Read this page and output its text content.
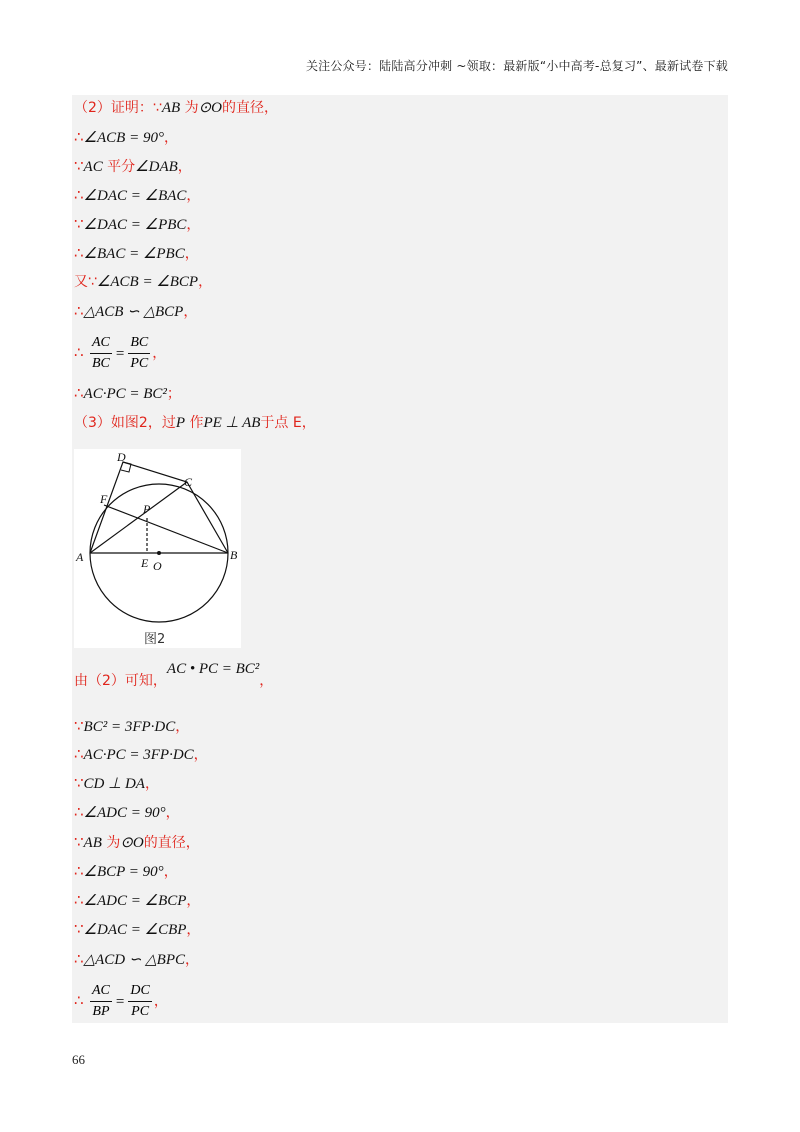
关注公众号：陆陆高分冲刺 ~领取：最新版“小中高考-总复习”、最新试卷下载
（2）证明：∵AB 为⊙O的直径，
∴∠ACB = 90°，
∵AC 平分∠DAB，
∴∠DAC = ∠BAC，
∵∠DAC = ∠PBC，
∴∠BAC = ∠PBC，
又∵∠ACB = ∠BCP，
∴△ACB ∽ △BCP，
∴ $\frac{AC}{BC} = \frac{BC}{PC}$ ，
∴AC·PC = BC²；
（3）如图2，过P 作PE ⊥ AB于点 E，
A	B
C
D
F
P
E O
图2
由（2）可知，AC • PC = BC²，
∵BC² = 3FP·DC，
∴AC·PC = 3FP·DC，
∵CD ⊥ DA，
∴∠ADC = 90°，
∵AB 为⊙O的直径，
∴∠BCP = 90°，
∴∠ADC = ∠BCP，
∵∠DAC = ∠CBP，
∴△ACD ∽ △BPC，
∴ $\frac{AC}{BP} = \frac{DC}{PC}$ ，
66
